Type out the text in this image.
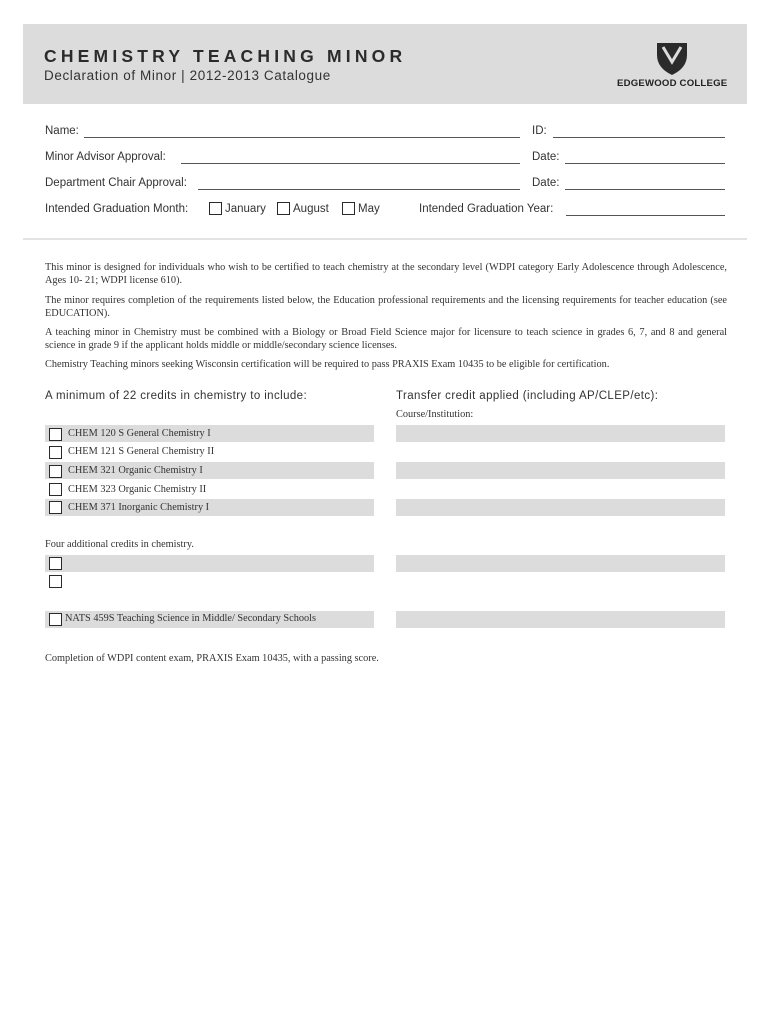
CHEMISTRY TEACHING MINOR
Declaration of Minor | 2012-2013 Catalogue
EDGEWOOD COLLEGE
Name:	ID:
Minor Advisor Approval:	Date:
Department Chair Approval:	Date:
Intended Graduation Month:	January August	May	Intended Graduation Year:
This minor is designed for individuals who wish to be certified to teach chemistry at the secondary level (WDPI category Early Adolescence through Adolescence, Ages 10- 21; WDPI license 610).
The minor requires completion of the requirements listed below, the Education professional requirements and the licensing requirements for teacher education (see EDUCATION).
A teaching minor in Chemistry must be combined with a Biology or Broad Field Science major for licensure to teach science in grades 6, 7, and 8 and general science in grade 9 if the applicant holds middle or middle/secondary science licenses.
Chemistry Teaching minors seeking Wisconsin certification will be required to pass PRAXIS Exam 10435 to be eligible for certification.
A minimum of 22 credits in chemistry to include:	Transfer credit applied (including AP/CLEP/etc):
Course/Institution:
CHEM 120 S General Chemistry I
CHEM 121 S General Chemistry II
CHEM 321 Organic Chemistry I
CHEM 323 Organic Chemistry II
CHEM 371 Inorganic Chemistry I
Four additional credits in chemistry.
NATS 459S Teaching Science in Middle/ Secondary Schools
Completion of WDPI content exam, PRAXIS Exam 10435, with a passing score.
